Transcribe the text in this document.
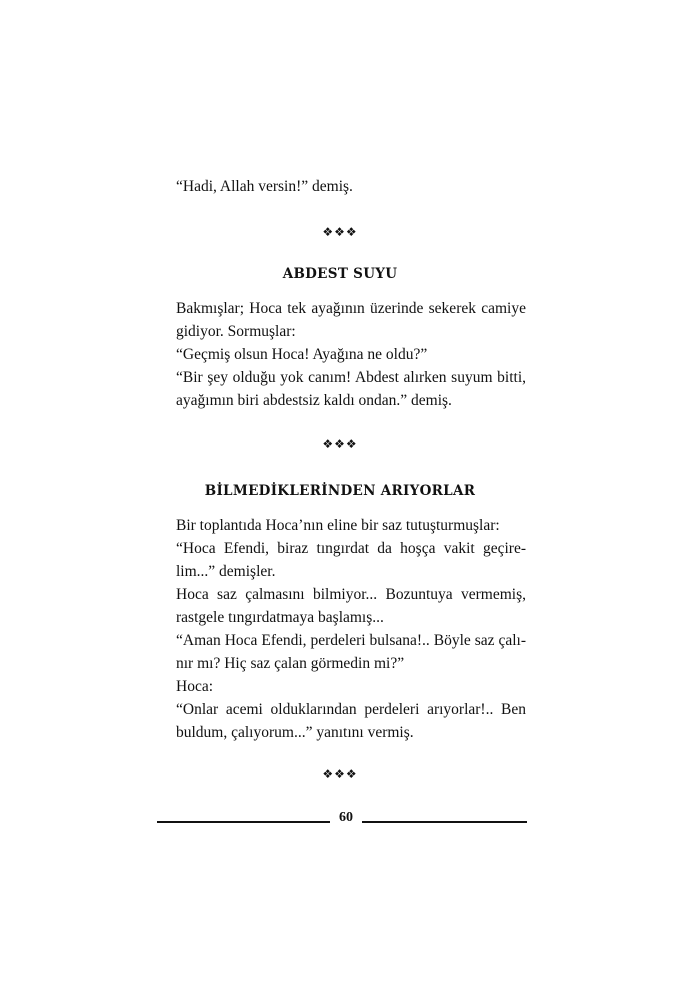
“Hadi, Allah versin!” demiş.
❖❖❖
ABDEST SUYU
Bakmışlar; Hoca tek ayağının üzerinde sekerek camiye
gidiyor. Sormuşlar:
“Geçmiş olsun Hoca! Ayağına ne oldu?”
“Bir şey olduğu yok canım! Abdest alırken suyum bitti,
ayağımın biri abdestsiz kaldı ondan.” demiş.
❖❖❖
BİLMEDİKLERİNDEN ARIYORLAR
Bir toplantıda Hoca’nın eline bir saz tutuşturmuşlar:
“Hoca Efendi, biraz tıngırdat da hoşça vakit geçire-
lim...” demişler.
Hoca saz çalmasını bilmiyor... Bozuntuya vermemiş,
rastgele tıngırdatmaya başlamış...
“Aman Hoca Efendi, perdeleri bulsana!.. Böyle saz çalı-
nır mı? Hiç saz çalan görmedin mi?”
Hoca:
“Onlar acemi olduklarından perdeleri arıyorlar!.. Ben
buldum, çalıyorum...” yanıtını vermiş.
❖❖❖
60
